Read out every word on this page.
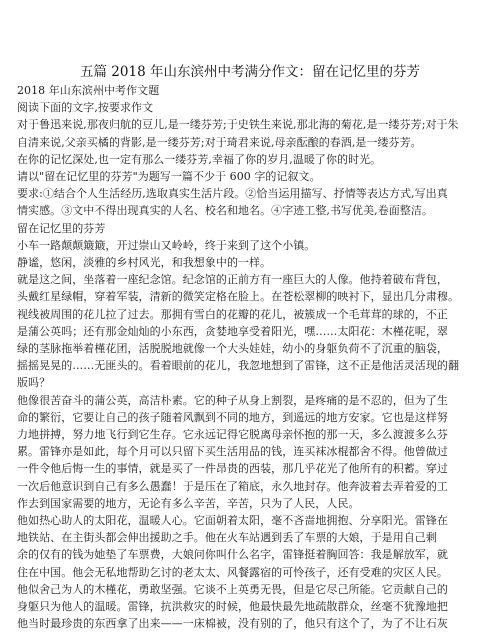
五篇 2018 年山东滨州中考满分作文：留在记忆里的芬芳

2018 年山东滨州中考作文题

阅读下面的文字,按要求作文

对于鲁迅来说,那夜归航的豆儿,是一缕芬芳;于史铁生来说,那北海的菊花,是一缕芬芳;对于朱

自清来说,父亲买橘的背影,是一缕芬芳;对于琦君来说,母亲酝酿的春酒,是一缕芬芳。

在你的记忆深处,也一定有那么一缕芬芳,幸福了你的岁月,温暖了你的时光。

请以"留在记忆里的芬芳"为题写一篇不少于 600 字的记叙文。

要求:①结合个人生活经历,选取真实生活片段。②恰当运用描写、抒情等表达方式,写出真

情实感。③文中不得出现真实的人名、校名和地名。④字迹工整,书写优美,卷面整洁。

留在记忆里的芬芳

小车一路颠颠簸簸，开过崇山又岭岭，终于来到了这个小镇。

静谧，悠闲，淡雅的乡村风光，和我想象中的一样。

就是这之间，坐落着一座纪念馆。纪念馆的正前方有一座巨大的人像。他持着破布背包，

头戴红星绿帽，穿着军装，清新的微笑定格在脸上。在苍松翠柳的映衬下，显出几分肃穆。

视线被周围的花儿拉了过去。那拥有雪白的花瓣的花儿，被簇成一个毛茸茸的球的，不正

是蒲公英吗；还有那金灿灿的小东西，贪婪地享受着阳光，嘿……太阳花：木槿花呢，翠

绿的茎脉拖举着槿花团，活脱脱地就像一个大头娃娃，幼小的身躯负荷不了沉重的脑袋，

摇摇晃晃的……无匪头的。看着眼前的花儿，我忽地想到了雷锋，这不正是他活灵活现的翻

版吗？

他像很苦奋斗的蒲公英，高洁朴素。它的种子从身上割裂，是疼痛的是不忍的，但为了生

命的繁衍，它要让自己的孩子随着风飘到不同的地方，到遥远的地方安家。它也是这样努

力地拼搏，努力地飞行到它生存。它永远记得它脱离母亲怀抱的那一天，多么渡渡多么芬

累。雷锋亦是如此，每个月可以只留下买生活用品的钱，连买袜冰棍都舍不得。他曾做过

一件令他后悔一生的事情，就是买了一件昂贵的西装，那几乎花光了他所有的积蓄。穿过

一次后他意识到自己有多么愚蠢！于是压在了箱底，永久地封存。他奔波着去弄着爱的工

作去到国家需要的地方，无论有多么辛苦，辛苦，只为了人民，人民。

他如热心助人的太阳花，温暖人心。它面朝着太阳，毫不吝啬地拥抱、分享阳光。雷锋在

地铁站、在主街头都会伸出援助之手。他在火车站遇到丢了车票的大娘，于是用自己剩

余的仅有的钱为她垫了车票费，大娘问你叫什么名字，雷锋挺着胸回答：我是解放军，就

住在中国。他会无私地帮助乞讨的老太太、风餐露宿的可怜孩子，还有受难的灾区人民。

他似舍己为人的木槿花，勇敢坚强。它谈不上英勇无畏，但是它尽己所能。它贡献自己的

身躯只为他人的温暖。雷锋，抗洪救灾的时候，他最快最先地疏散群众，丝毫不犹豫地把

他当时最珍贵的东西拿了出来——一床棉被，没有别的了，他只有这个了，为了不让石灰
